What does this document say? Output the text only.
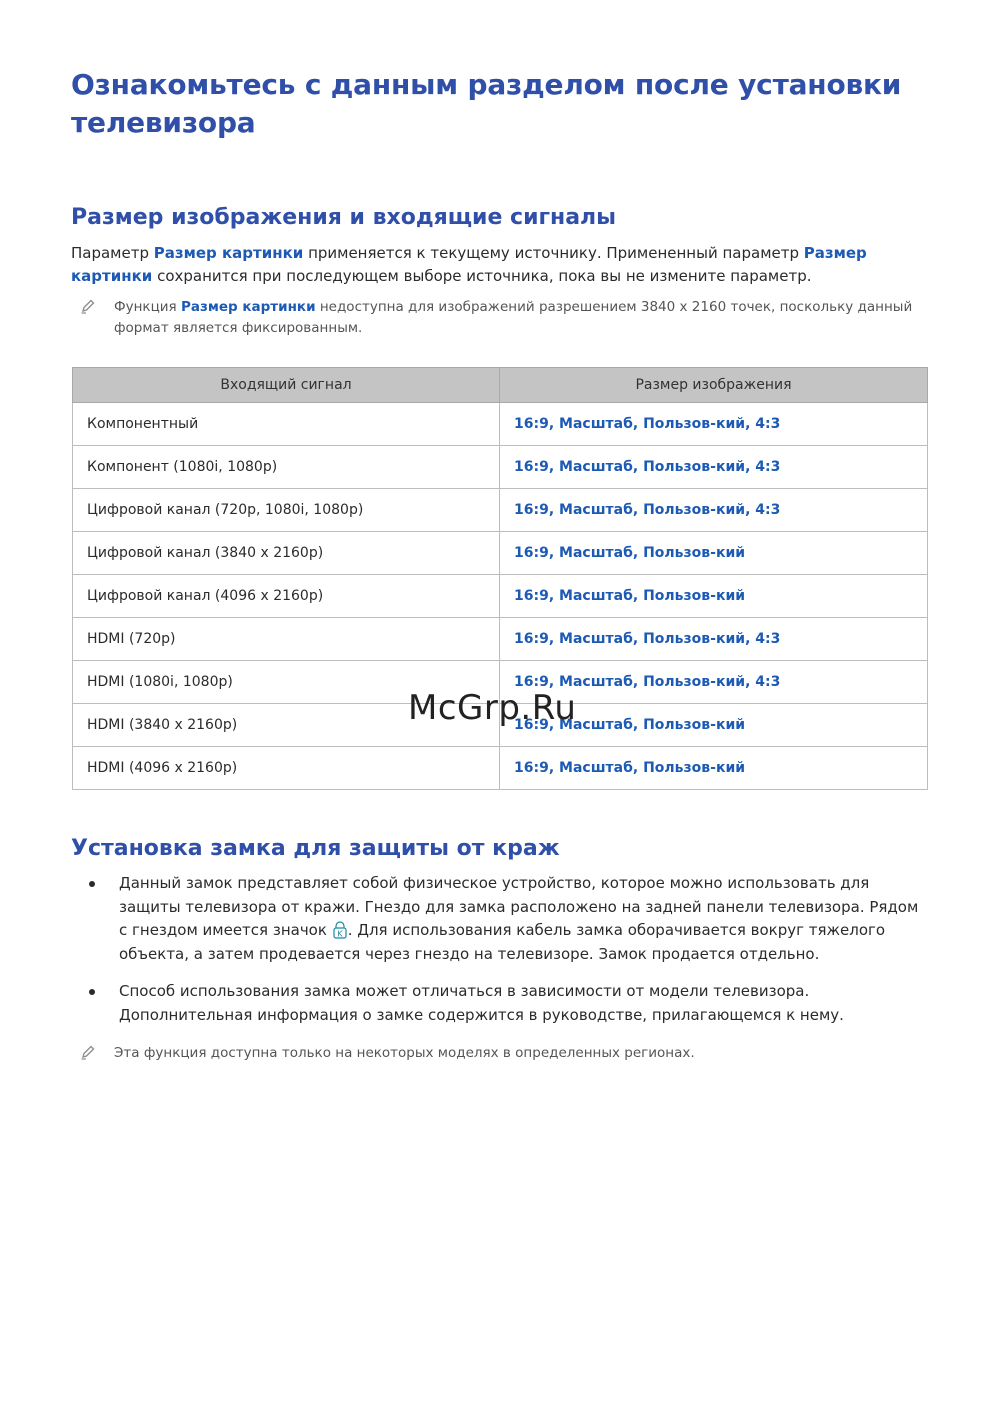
Ознакомьтесь с данным разделом после установки телевизора
Размер изображения и входящие сигналы

Параметр Размер картинки применяется к текущему источнику. Примененный параметр Размер картинки сохранится при последующем выборе источника, пока вы не измените параметр.

Функция Размер картинки недоступна для изображений разрешением 3840 x 2160 точек, поскольку данный формат является фиксированным.

Входящий сигнал	Размер изображения
Компонентный	16:9, Масштаб, Пользов-кий, 4:3
Компонент (1080i, 1080p)	16:9, Масштаб, Пользов-кий, 4:3
Цифровой канал (720p, 1080i, 1080p)	16:9, Масштаб, Пользов-кий, 4:3
Цифровой канал (3840 x 2160p)	16:9, Масштаб, Пользов-кий
Цифровой канал (4096 x 2160p)	16:9, Масштаб, Пользов-кий
HDMI (720p)	16:9, Масштаб, Пользов-кий, 4:3
HDMI (1080i, 1080p)	16:9, Масштаб, Пользов-кий, 4:3
HDMI (3840 x 2160p)	16:9, Масштаб, Пользов-кий
HDMI (4096 x 2160p)	16:9, Масштаб, Пользов-кий
McGrp.Ru
Установка замка для защиты от краж
Данный замок представляет собой физическое устройство, которое можно использовать для защиты телевизора от кражи. Гнездо для замка расположено на задней панели телевизора. Рядом с гнездом имеется значок K . Для использования кабель замка оборачивается вокруг тяжелого объекта, а затем продевается через гнездо на телевизоре. Замок продается отдельно.
Способ использования замка может отличаться в зависимости от модели телевизора. Дополнительная информация о замке содержится в руководстве, прилагающемся к нему.

Эта функция доступна только на некоторых моделях в определенных регионах.
